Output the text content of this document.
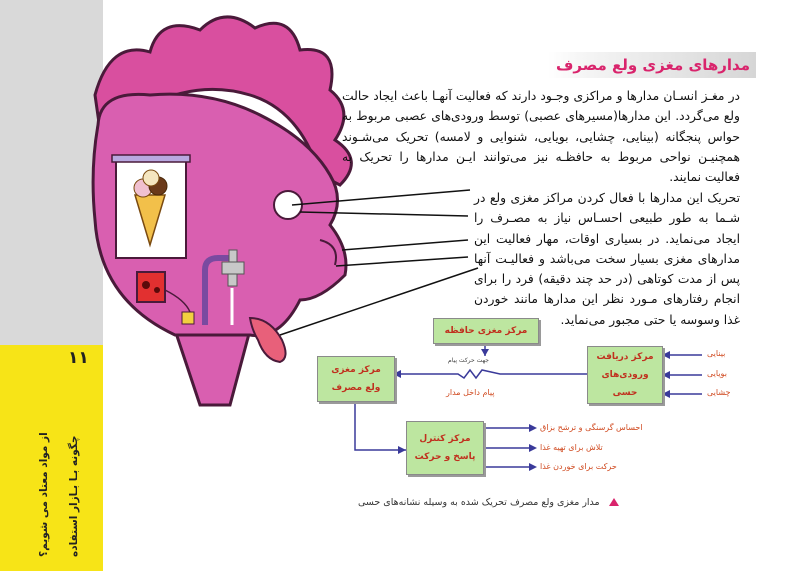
۱۱
چگونه بـا بـازار استفاده
از مواد معتاد می شویم؟
مدارهای مغزی ولع مصرف
در مغـز انسـان مدارها و مراکزی وجـود دارند که فعالیت آنهـا باعث ایجاد حالت ولع می‌گردد. این مدارها(مسیرهای عصبی) توسط ورودی‌های عصبی مربوط به حواس پنجگانه (بینایی، چشایی، بویایی، شنوایی و لامسه) تحریک می‌شـوند همچنیـن نواحی مربوط به حافظـه نیز می‌توانند ایـن مدارها را تحریک به فعالیت نمایند.
تحریک این مدارها با فعال کردن مراکز مغزی ولع در شـما به طور طبیعی احسـاس نیاز به مصـرف را ایجاد می‌نماید. در بسیاری اوقات، مهار فعالیت این مدارهای مغزی بسیار سخت می‌باشد و فعالیـت آنها پس از مدت کوتاهی (در حد چند دقیقه) فرد را برای انجام رفتارهای مـورد نظر این مدارها مانند خوردن غذا وسوسه یا حتی مجبور می‌نماید.
مرکز مغزی حافظه
مرکز مغزی
ولع مصرف
مرکز دریافت
ورودی‌های حسی
مرکز کنترل
پاسخ و حرکت
بینایی
بویایی
چشایی
جهت حرکت پیام
پیام داخل مدار
احساس گرسنگی و ترشح بزاق
تلاش برای تهیه غذا
حرکت برای خوردن غذا
مدار مغزی ولع مصرف تحریک شده به وسیله نشانه‌های حسی
